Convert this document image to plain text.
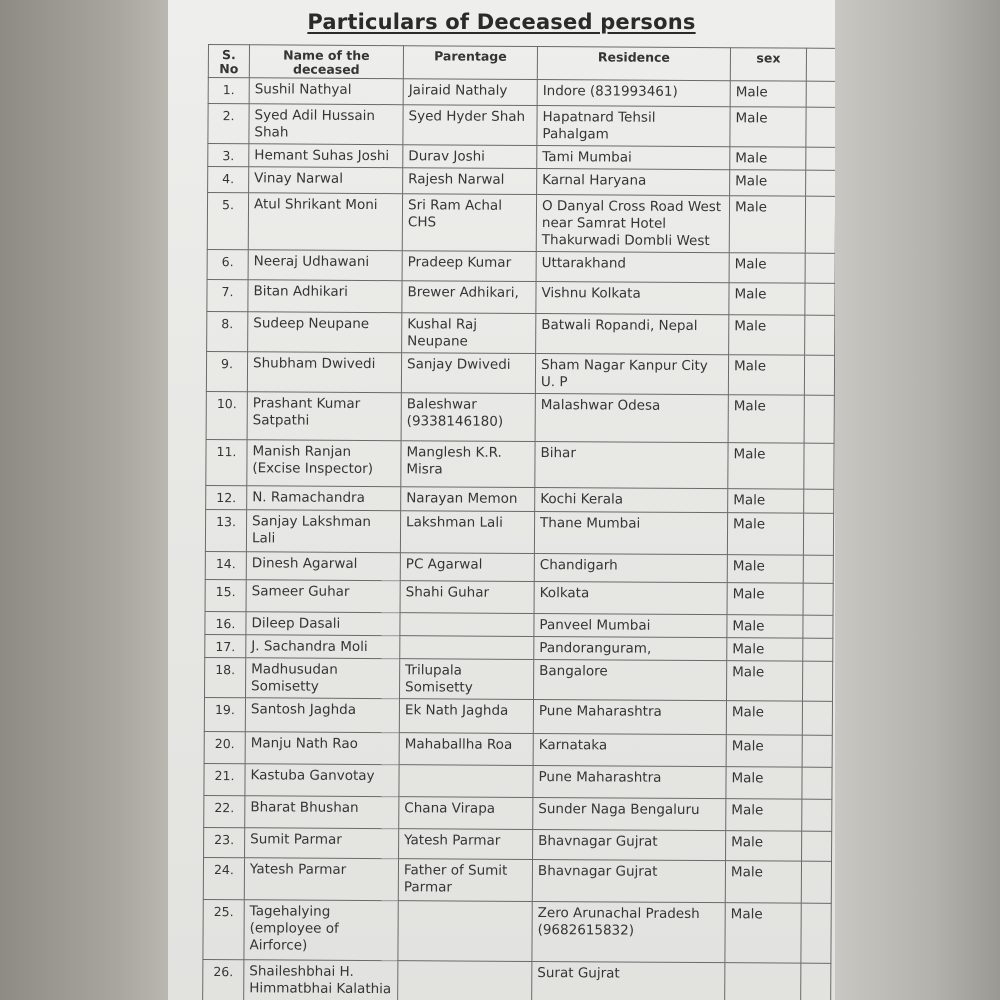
Particulars of Deceased persons
S. No	Name of the deceased	Parentage	Residence	sex	
1.	Sushil Nathyal	Jairaid Nathaly	Indore (831993461)	Male	
2.	Syed Adil Hussain Shah	Syed Hyder Shah	Hapatnard Tehsil Pahalgam	Male	
3.	Hemant Suhas Joshi	Durav Joshi	Tami Mumbai	Male	
4.	Vinay Narwal	Rajesh Narwal	Karnal Haryana	Male	
5.	Atul Shrikant Moni	Sri Ram Achal CHS	O Danyal Cross Road West near Samrat Hotel Thakurwadi Dombli West	Male	
6.	Neeraj Udhawani	Pradeep Kumar	Uttarakhand	Male	
7.	Bitan Adhikari	Brewer Adhikari,	Vishnu Kolkata	Male	
8.	Sudeep Neupane	Kushal Raj Neupane	Batwali Ropandi, Nepal	Male	
9.	Shubham Dwivedi	Sanjay Dwivedi	Sham Nagar Kanpur City U. P	Male	
10.	Prashant Kumar Satpathi	Baleshwar (9338146180)	Malashwar Odesa	Male	
11.	Manish Ranjan (Excise Inspector)	Manglesh K.R. Misra	Bihar	Male	
12.	N. Ramachandra	Narayan Memon	Kochi Kerala	Male	
13.	Sanjay Lakshman Lali	Lakshman Lali	Thane Mumbai	Male	
14.	Dinesh Agarwal	PC Agarwal	Chandigarh	Male	
15.	Sameer Guhar	Shahi Guhar	Kolkata	Male	
16.	Dileep Dasali		Panveel Mumbai	Male	
17.	J. Sachandra Moli		Pandoranguram,	Male	
18.	Madhusudan Somisetty	Trilupala Somisetty	Bangalore	Male	
19.	Santosh Jaghda	Ek Nath Jaghda	Pune Maharashtra	Male	
20.	Manju Nath Rao	Mahaballha Roa	Karnataka	Male	
21.	Kastuba Ganvotay		Pune Maharashtra	Male	
22.	Bharat Bhushan	Chana Virapa	Sunder Naga Bengaluru	Male	
23.	Sumit Parmar	Yatesh Parmar	Bhavnagar Gujrat	Male	
24.	Yatesh Parmar	Father of Sumit Parmar	Bhavnagar Gujrat	Male	
25.	Tagehalying (employee of Airforce)		Zero Arunachal Pradesh (9682615832)	Male	
26.	Shaileshbhai H. Himmatbhai Kalathia		Surat Gujrat		
